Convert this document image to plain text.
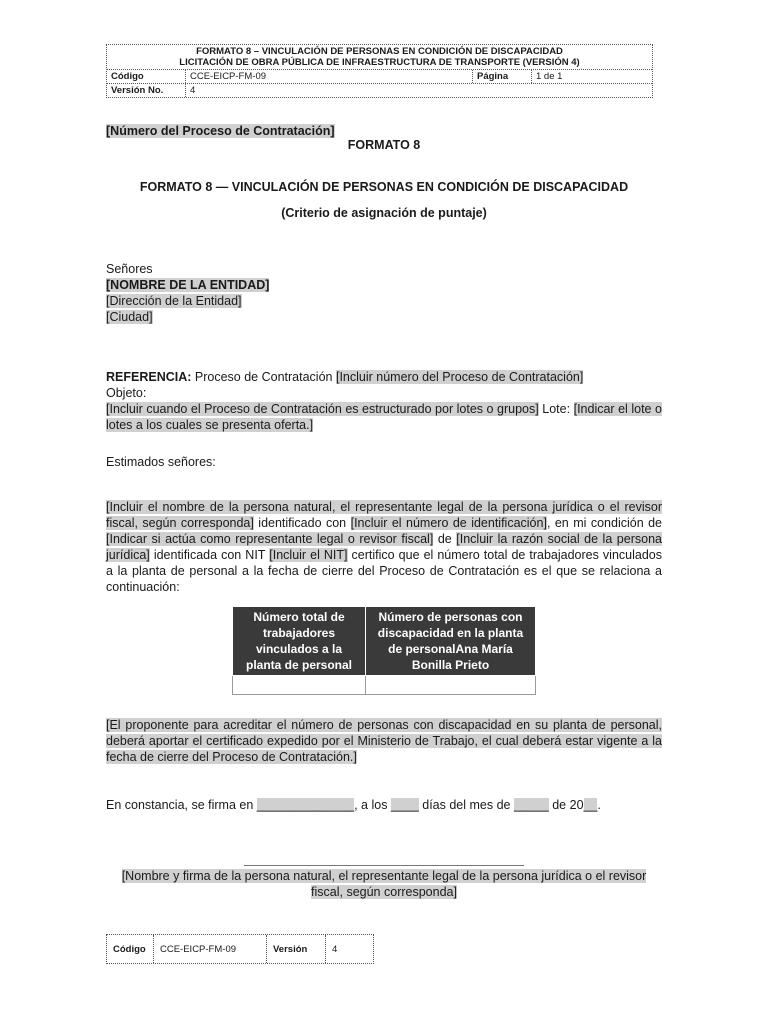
FORMATO 8 – VINCULACIÓN DE PERSONAS EN CONDICIÓN DE DISCAPACIDAD
LICITACIÓN DE OBRA PÚBLICA DE INFRAESTRUCTURA DE TRANSPORTE (VERSIÓN 4)
Código	CCE-EICP-FM-09	Página	1 de 1
Versión No.	4
[Número del Proceso de Contratación]
FORMATO 8
FORMATO 8 — VINCULACIÓN DE PERSONAS EN CONDICIÓN DE DISCAPACIDAD
(Criterio de asignación de puntaje)
Señores
[NOMBRE DE LA ENTIDAD]
[Dirección de la Entidad]
[Ciudad]
REFERENCIA: Proceso de Contratación [Incluir número del Proceso de Contratación]
Objeto:
[Incluir cuando el Proceso de Contratación es estructurado por lotes o grupos] Lote: [Indicar el lote o lotes a los cuales se presenta oferta.]
Estimados señores:
[Incluir el nombre de la persona natural, el representante legal de la persona jurídica o el revisor fiscal, según corresponda] identificado con [Incluir el número de identificación], en mi condición de [Indicar si actúa como representante legal o revisor fiscal] de [Incluir la razón social de la persona jurídica] identificada con NIT [Incluir el NIT] certifico que el número total de trabajadores vinculados a la planta de personal a la fecha de cierre del Proceso de Contratación es el que se relaciona a continuación:
Número total de trabajadores vinculados a la planta de personal	Número de personas con discapacidad en la planta de personalAna María Bonilla Prieto

[El proponente para acreditar el número de personas con discapacidad en su planta de personal, deberá aportar el certificado expedido por el Ministerio de Trabajo, el cual deberá estar vigente a la fecha de cierre del Proceso de Contratación.]
En constancia, se firma en ______________, a los ____ días del mes de _____ de 20__.
[Nombre y firma de la persona natural, el representante legal de la persona jurídica o el revisor fiscal, según corresponda]
Código	CCE-EICP-FM-09	Versión	4
